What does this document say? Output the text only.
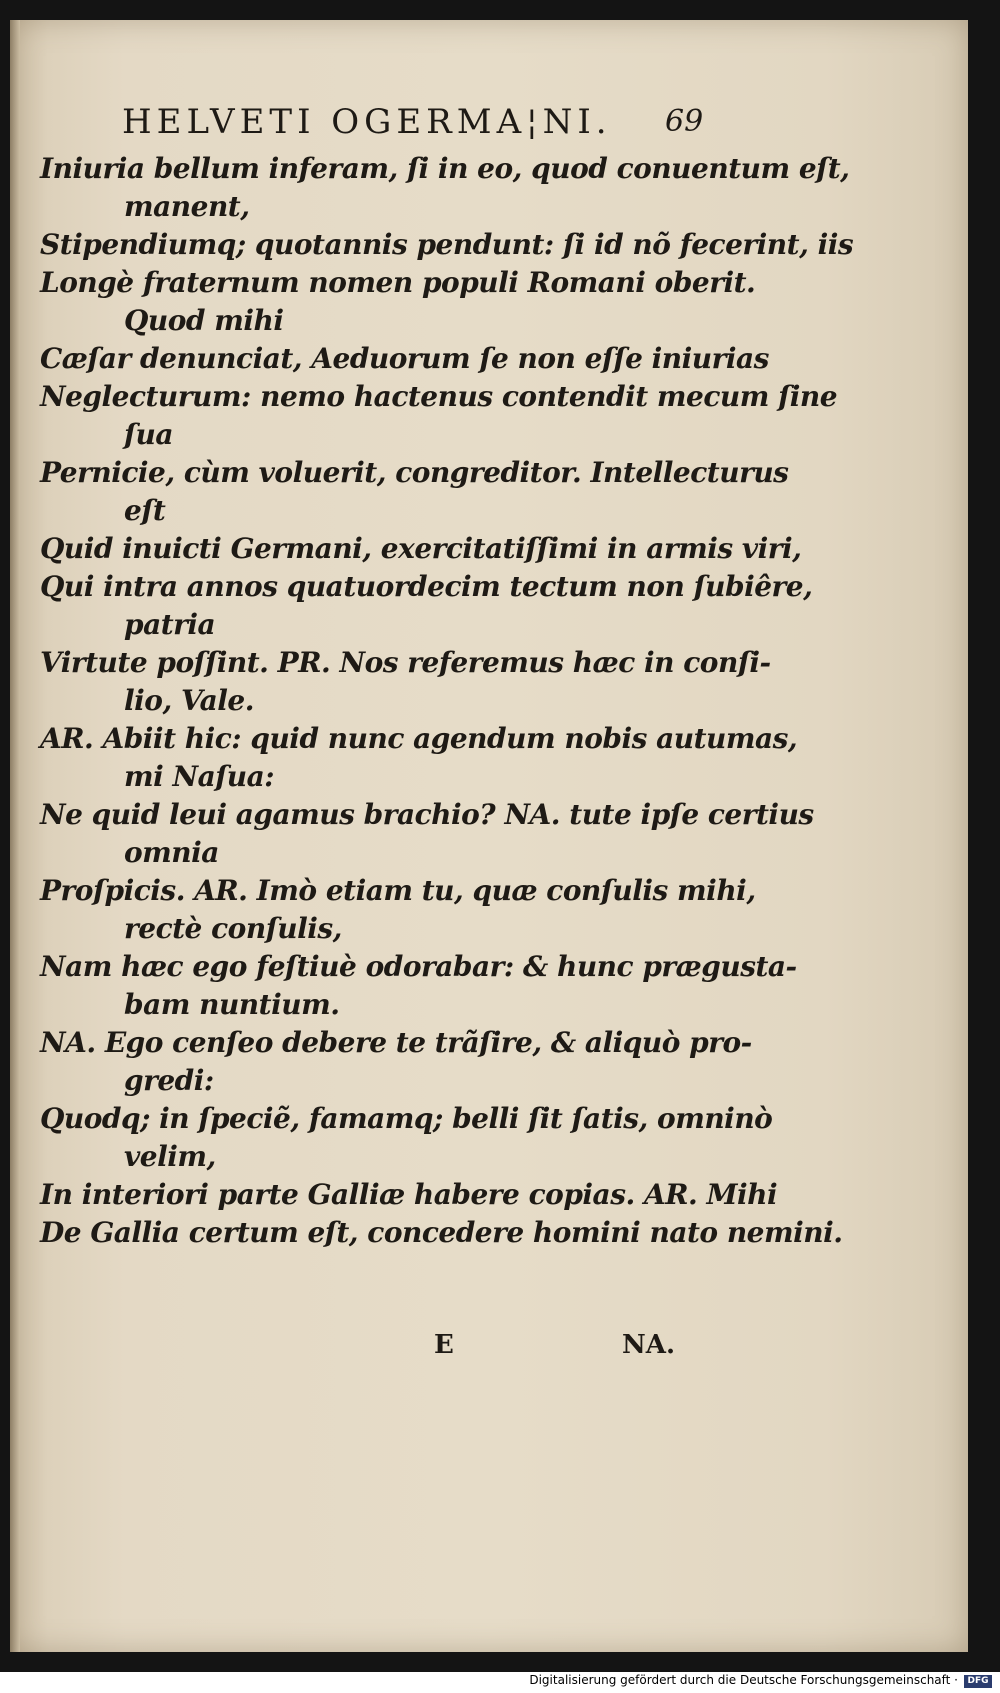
HELVETI OGERMA¦NI. 69
Iniuria bellum inferam, ſi in eo, quod conuentum eſt,
manent,
Stipendiumq; quotannis pendunt: ſi id nõ fecerint, iis
Longè fraternum nomen populi Romani oberit.
Quod mihi
Cæſar denunciat, Aeduorum ſe non eſſe iniurias
Neglecturum: nemo hactenus contendit mecum ſine
ſua
Pernicie, cùm voluerit, congreditor. Intellecturus
eſt
Quid inuicti Germani, exercitatiſſimi in armis viri,
Qui intra annos quatuordecim tectum non ſubiêre,
patria
Virtute poſſint. PR. Nos referemus hæc in conſi-
lio, Vale.
AR. Abiit hic: quid nunc agendum nobis autumas,
mi Naſua:
Ne quid leui agamus brachio? NA. tute ipſe certius
omnia
Proſpicis. AR. Imò etiam tu, quæ conſulis mihi,
rectè conſulis,
Nam hæc ego feſtiuè odorabar: & hunc prægusta-
bam nuntium.
NA. Ego cenſeo debere te trãſire, & aliquò pro-
gredi:
Quodq; in ſpeciẽ, famamq; belli ſit ſatis, omninò
velim,
In interiori parte Galliæ habere copias. AR. Mihi
De Gallia certum eſt, concedere homini nato nemini.
E	NA.
Digitalisierung gefördert durch die Deutsche Forschungsgemeinschaft ·	DFG
